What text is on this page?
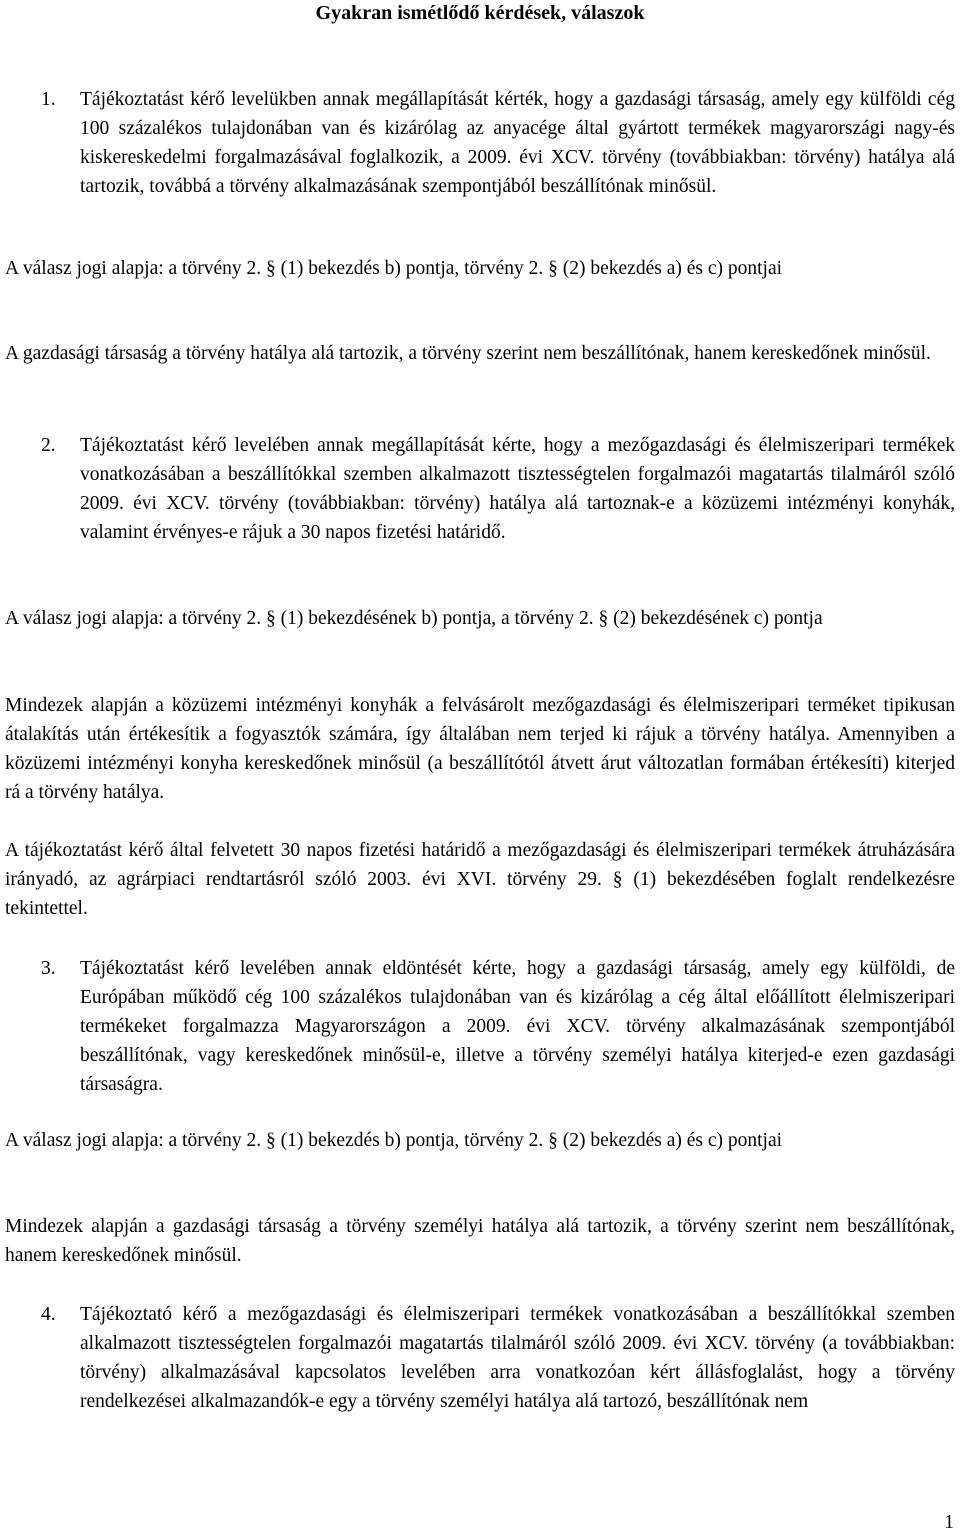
Gyakran ismétlődő kérdések, válaszok
1. Tájékoztatást kérő levelükben annak megállapítását kérték, hogy a gazdasági társaság, amely egy külföldi cég 100 százalékos tulajdonában van és kizárólag az anyacége által gyártott termékek magyarországi nagy-és kiskereskedelmi forgalmazásával foglalkozik, a 2009. évi XCV. törvény (továbbiakban: törvény) hatálya alá tartozik, továbbá a törvény alkalmazásának szempontjából beszállítónak minősül.
A válasz jogi alapja: a törvény 2. § (1) bekezdés b) pontja, törvény 2. § (2) bekezdés a) és c) pontjai
A gazdasági társaság a törvény hatálya alá tartozik, a törvény szerint nem beszállítónak, hanem kereskedőnek minősül.
2. Tájékoztatást kérő levelében annak megállapítását kérte, hogy a mezőgazdasági és élelmiszeripari termékek vonatkozásában a beszállítókkal szemben alkalmazott tisztességtelen forgalmazói magatartás tilalmáról szóló 2009. évi XCV. törvény (továbbiakban: törvény) hatálya alá tartoznak-e a közüzemi intézményi konyhák, valamint érvényes-e rájuk a 30 napos fizetési határidő.
A válasz jogi alapja: a törvény 2. § (1) bekezdésének b) pontja, a törvény 2. § (2) bekezdésének c) pontja
Mindezek alapján a közüzemi intézményi konyhák a felvásárolt mezőgazdasági és élelmiszeripari terméket tipikusan átalakítás után értékesítik a fogyasztók számára, így általában nem terjed ki rájuk a törvény hatálya. Amennyiben a közüzemi intézményi konyha kereskedőnek minősül (a beszállítótól átvett árut változatlan formában értékesíti) kiterjed rá a törvény hatálya.
A tájékoztatást kérő által felvetett 30 napos fizetési határidő a mezőgazdasági és élelmiszeripari termékek átruházására irányadó, az agrárpiaci rendtartásról szóló 2003. évi XVI. törvény 29. § (1) bekezdésében foglalt rendelkezésre tekintettel.
3. Tájékoztatást kérő levelében annak eldöntését kérte, hogy a gazdasági társaság, amely egy külföldi, de Európában működő cég 100 százalékos tulajdonában van és kizárólag a cég által előállított élelmiszeripari termékeket forgalmazza Magyarországon a 2009. évi XCV. törvény alkalmazásának szempontjából beszállítónak, vagy kereskedőnek minősül-e, illetve a törvény személyi hatálya kiterjed-e ezen gazdasági társaságra.
A válasz jogi alapja: a törvény 2. § (1) bekezdés b) pontja, törvény 2. § (2) bekezdés a) és c) pontjai
Mindezek alapján a gazdasági társaság a törvény személyi hatálya alá tartozik, a törvény szerint nem beszállítónak, hanem kereskedőnek minősül.
4. Tájékoztató kérő a mezőgazdasági és élelmiszeripari termékek vonatkozásában a beszállítókkal szemben alkalmazott tisztességtelen forgalmazói magatartás tilalmáról szóló 2009. évi XCV. törvény (a továbbiakban: törvény) alkalmazásával kapcsolatos levelében arra vonatkozóan kért állásfoglalást, hogy a törvény rendelkezései alkalmazandók-e egy a törvény személyi hatálya alá tartozó, beszállítónak nem
1
